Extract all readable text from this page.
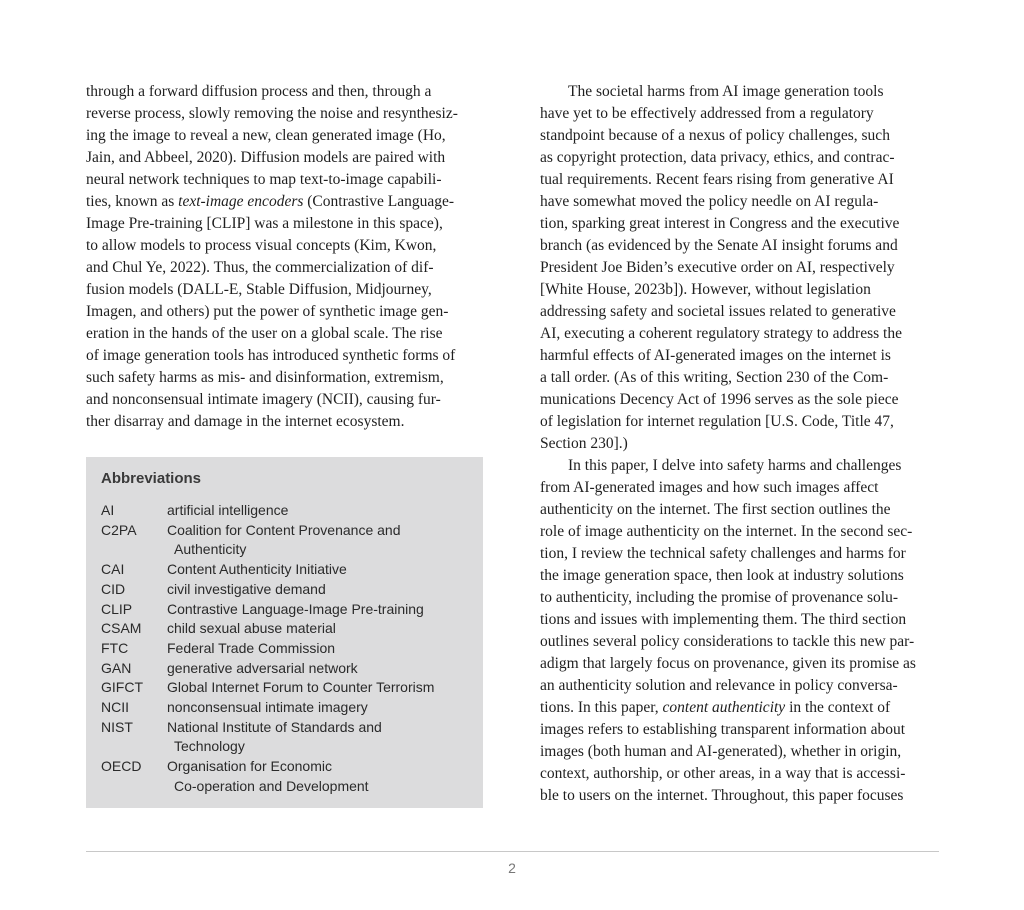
through a forward diffusion process and then, through a
reverse process, slowly removing the noise and resynthesiz-
ing the image to reveal a new, clean generated image (Ho,
Jain, and Abbeel, 2020). Diffusion models are paired with
neural network techniques to map text-to-image capabili-
ties, known as text-image encoders (Contrastive Language-
Image Pre-training [CLIP] was a milestone in this space),
to allow models to process visual concepts (Kim, Kwon,
and Chul Ye, 2022). Thus, the commercialization of dif-
fusion models (DALL-E, Stable Diffusion, Midjourney,
Imagen, and others) put the power of synthetic image gen-
eration in the hands of the user on a global scale. The rise
of image generation tools has introduced synthetic forms of
such safety harms as mis- and disinformation, extremism,
and nonconsensual intimate imagery (NCII), causing fur-
ther disarray and damage in the internet ecosystem.

Abbreviations
AI	artificial intelligence
C2PA	Coalition for Content Provenance and
Authenticity
CAI	Content Authenticity Initiative
CID	civil investigative demand
CLIP	Contrastive Language-Image Pre-training
CSAM	child sexual abuse material
FTC	Federal Trade Commission
GAN	generative adversarial network
GIFCT	Global Internet Forum to Counter Terrorism
NCII	nonconsensual intimate imagery
NIST	National Institute of Standards and
Technology
OECD	Organisation for Economic
Co-operation and Development

The societal harms from AI image generation tools
have yet to be effectively addressed from a regulatory
standpoint because of a nexus of policy challenges, such
as copyright protection, data privacy, ethics, and contrac-
tual requirements. Recent fears rising from generative AI
have somewhat moved the policy needle on AI regula-
tion, sparking great interest in Congress and the executive
branch (as evidenced by the Senate AI insight forums and
President Joe Biden’s executive order on AI, respectively
[White House, 2023b]). However, without legislation
addressing safety and societal issues related to generative
AI, executing a coherent regulatory strategy to address the
harmful effects of AI-generated images on the internet is
a tall order. (As of this writing, Section 230 of the Com-
munications Decency Act of 1996 serves as the sole piece
of legislation for internet regulation [U.S. Code, Title 47,
Section 230].)

In this paper, I delve into safety harms and challenges
from AI-generated images and how such images affect
authenticity on the internet. The first section outlines the
role of image authenticity on the internet. In the second sec-
tion, I review the technical safety challenges and harms for
the image generation space, then look at industry solutions
to authenticity, including the promise of provenance solu-
tions and issues with implementing them. The third section
outlines several policy considerations to tackle this new par-
adigm that largely focus on provenance, given its promise as
an authenticity solution and relevance in policy conversa-
tions. In this paper, content authenticity in the context of
images refers to establishing transparent information about
images (both human and AI-generated), whether in origin,
context, authorship, or other areas, in a way that is accessi-
ble to users on the internet. Throughout, this paper focuses

2
